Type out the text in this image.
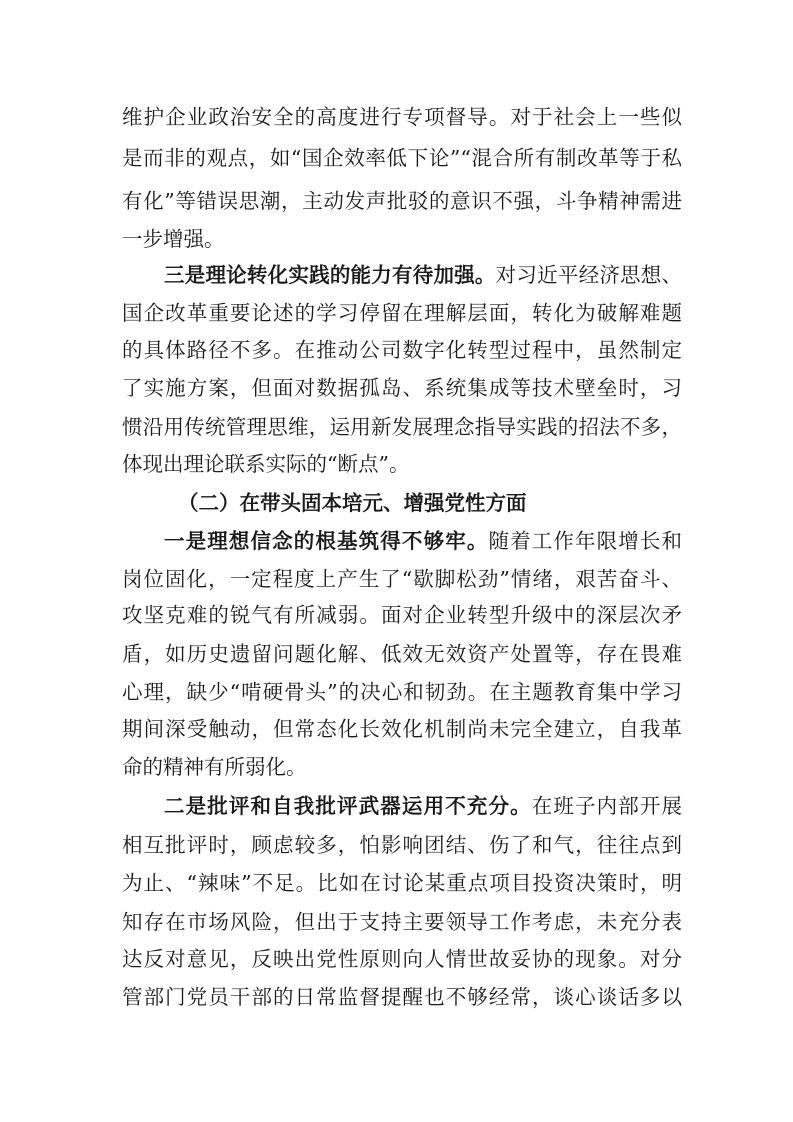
维护企业政治安全的高度进行专项督导。对于社会上一些似
是而非的观点，如“国企效率低下论”“混合所有制改革等于私
有化”等错误思潮，主动发声批驳的意识不强，斗争精神需进
一步增强。
三是理论转化实践的能力有待加强。对习近平经济思想、
国企改革重要论述的学习停留在理解层面，转化为破解难题
的具体路径不多。在推动公司数字化转型过程中，虽然制定
了实施方案，但面对数据孤岛、系统集成等技术壁垒时，习
惯沿用传统管理思维，运用新发展理念指导实践的招法不多，
体现出理论联系实际的“断点”。
（二）在带头固本培元、增强党性方面
一是理想信念的根基筑得不够牢。随着工作年限增长和
岗位固化，一定程度上产生了“歇脚松劲”情绪，艰苦奋斗、
攻坚克难的锐气有所减弱。面对企业转型升级中的深层次矛
盾，如历史遗留问题化解、低效无效资产处置等，存在畏难
心理，缺少“啃硬骨头”的决心和韧劲。在主题教育集中学习
期间深受触动，但常态化长效化机制尚未完全建立，自我革
命的精神有所弱化。
二是批评和自我批评武器运用不充分。在班子内部开展
相互批评时，顾虑较多，怕影响团结、伤了和气，往往点到
为止、“辣味”不足。比如在讨论某重点项目投资决策时，明
知存在市场风险，但出于支持主要领导工作考虑，未充分表
达反对意见，反映出党性原则向人情世故妥协的现象。对分
管部门党员干部的日常监督提醒也不够经常，谈心谈话多以
